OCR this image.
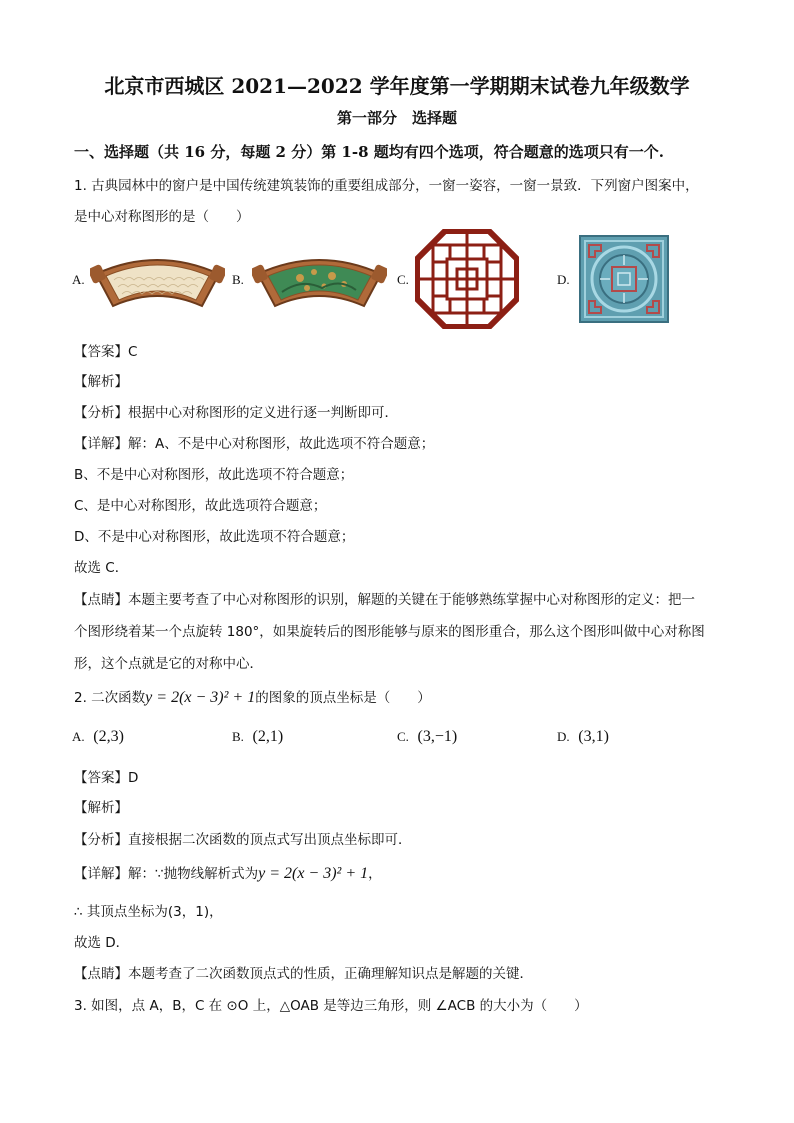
北京市西城区 2021—2022 学年度第一学期期末试卷九年级数学
第一部分　选择题
一、选择题（共 16 分，每题 2 分）第 1-8 题均有四个选项，符合题意的选项只有一个.
1. 古典园林中的窗户是中国传统建筑装饰的重要组成部分，一窗一姿容，一窗一景致．下列窗户图案中，
是中心对称图形的是（　　）
A.	B.	C.	D.
【答案】C
【解析】
【分析】根据中心对称图形的定义进行逐一判断即可．
【详解】解：A、不是中心对称图形，故此选项不符合题意；
B、不是中心对称图形，故此选项不符合题意；
C、是中心对称图形，故此选项符合题意；
D、不是中心对称图形，故此选项不符合题意；
故选 C．
【点睛】本题主要考查了中心对称图形的识别，解题的关键在于能够熟练掌握中心对称图形的定义：把一
个图形绕着某一个点旋转 180°，如果旋转后的图形能够与原来的图形重合，那么这个图形叫做中心对称图
形，这个点就是它的对称中心．
2. 二次函数y = 2(x − 3)² + 1的图象的顶点坐标是（　　）
A. (2,3)	B. (2,1)	C. (3,−1)	D. (3,1)
【答案】D
【解析】
【分析】直接根据二次函数的顶点式写出顶点坐标即可．
【详解】解：∵抛物线解析式为y = 2(x − 3)² + 1，
∴ 其顶点坐标为(3，1)，
故选 D．
【点睛】本题考查了二次函数顶点式的性质，正确理解知识点是解题的关键．
3. 如图，点 A，B，C 在 ⊙O 上，△OAB 是等边三角形，则 ∠ACB 的大小为（　　）
